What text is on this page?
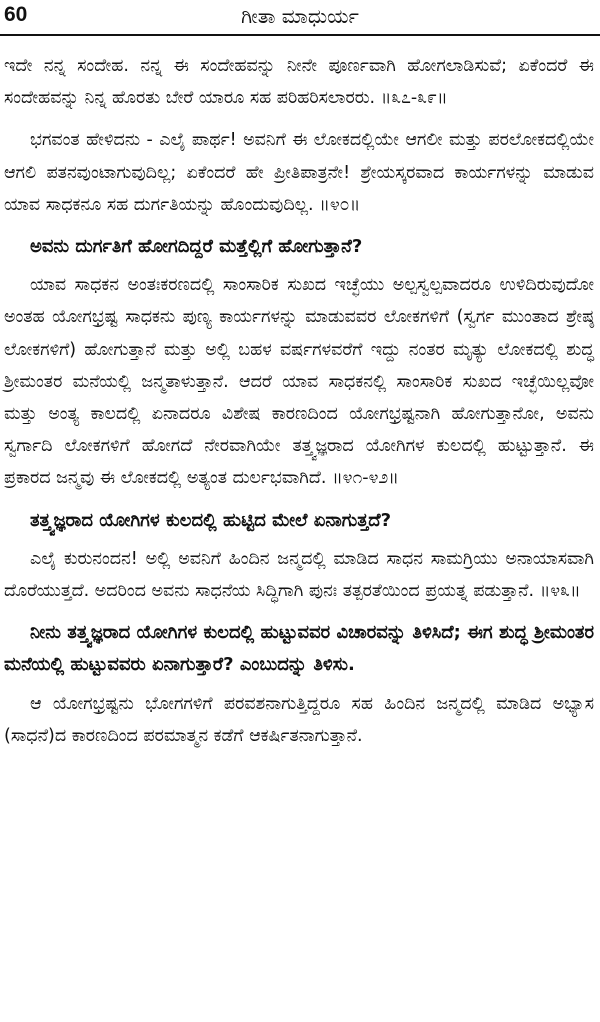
60	ಗೀತಾ ಮಾಧುರ್ಯ

ಇದೇ ನನ್ನ ಸಂದೇಹ. ನನ್ನ ಈ ಸಂದೇಹವನ್ನು ನೀನೇ ಪೂರ್ಣವಾಗಿ ಹೋಗಲಾಡಿಸುವೆ; ಏಕೆಂದರೆ ಈ ಸಂದೇಹವನ್ನು ನಿನ್ನ ಹೊರತು ಬೇರೆ ಯಾರೂ ಸಹ ಪರಿಹರಿಸಲಾರರು. ॥೩೭-೩೯॥

ಭಗವಂತ ಹೇಳಿದನು - ಎಲೈ ಪಾರ್ಥ! ಅವನಿಗೆ ಈ ಲೋಕದಲ್ಲಿಯೇ ಆಗಲೀ ಮತ್ತು ಪರಲೋಕದಲ್ಲಿಯೇ ಆಗಲಿ ಪತನವುಂಟಾಗುವುದಿಲ್ಲ; ಏಕೆಂದರೆ ಹೇ ಪ್ರೀತಿಪಾತ್ರನೇ! ಶ್ರೇಯಸ್ಕರವಾದ ಕಾರ್ಯಗಳನ್ನು ಮಾಡುವ ಯಾವ ಸಾಧಕನೂ ಸಹ ದುರ್ಗತಿಯನ್ನು ಹೊಂದುವುದಿಲ್ಲ. ॥೪೦॥

ಅವನು ದುರ್ಗತಿಗೆ ಹೋಗದಿದ್ದರೆ ಮತ್ತೆಲ್ಲಿಗೆ ಹೋಗುತ್ತಾನೆ?

ಯಾವ ಸಾಧಕನ ಅಂತಃಕರಣದಲ್ಲಿ ಸಾಂಸಾರಿಕ ಸುಖದ ಇಚ್ಛೆಯು ಅಲ್ಪಸ್ವಲ್ಪವಾದರೂ ಉಳಿದಿರುವುದೋ ಅಂತಹ ಯೋಗಭ್ರಷ್ಟ ಸಾಧಕನು ಪುಣ್ಯ ಕಾರ್ಯಗಳನ್ನು ಮಾಡುವವರ ಲೋಕಗಳಿಗೆ (ಸ್ವರ್ಗ ಮುಂತಾದ ಶ್ರೇಷ್ಠ ಲೋಕಗಳಿಗೆ) ಹೋಗುತ್ತಾನೆ ಮತ್ತು ಅಲ್ಲಿ ಬಹಳ ವರ್ಷಗಳವರೆಗೆ ಇದ್ದು ನಂತರ ಮೃತ್ಯು ಲೋಕದಲ್ಲಿ ಶುದ್ಧ ಶ್ರೀಮಂತರ ಮನೆಯಲ್ಲಿ ಜನ್ಮತಾಳುತ್ತಾನೆ. ಆದರೆ ಯಾವ ಸಾಧಕನಲ್ಲಿ ಸಾಂಸಾರಿಕ ಸುಖದ ಇಚ್ಛೆಯಿಲ್ಲವೋ ಮತ್ತು ಅಂತ್ಯ ಕಾಲದಲ್ಲಿ ಏನಾದರೂ ವಿಶೇಷ ಕಾರಣದಿಂದ ಯೋಗಭ್ರಷ್ಟನಾಗಿ ಹೋಗುತ್ತಾನೋ, ಅವನು ಸ್ವರ್ಗಾದಿ ಲೋಕಗಳಿಗೆ ಹೋಗದೆ ನೇರವಾಗಿಯೇ ತತ್ತ್ವಜ್ಞರಾದ ಯೋಗಿಗಳ ಕುಲದಲ್ಲಿ ಹುಟ್ಟುತ್ತಾನೆ. ಈ ಪ್ರಕಾರದ ಜನ್ಮವು ಈ ಲೋಕದಲ್ಲಿ ಅತ್ಯಂತ ದುರ್ಲಭವಾಗಿದೆ. ॥೪೧-೪೨॥

ತತ್ತ್ವಜ್ಞರಾದ ಯೋಗಿಗಳ ಕುಲದಲ್ಲಿ ಹುಟ್ಟಿದ ಮೇಲೆ ಏನಾಗುತ್ತದೆ?

ಎಲೈ ಕುರುನಂದನ! ಅಲ್ಲಿ ಅವನಿಗೆ ಹಿಂದಿನ ಜನ್ಮದಲ್ಲಿ ಮಾಡಿದ ಸಾಧನ ಸಾಮಗ್ರಿಯು ಅನಾಯಾಸವಾಗಿ ದೊರೆಯುತ್ತದೆ. ಅದರಿಂದ ಅವನು ಸಾಧನೆಯ ಸಿದ್ಧಿಗಾಗಿ ಪುನಃ ತತ್ಪರತೆಯಿಂದ ಪ್ರಯತ್ನ ಪಡುತ್ತಾನೆ. ॥೪೩॥

ನೀನು ತತ್ತ್ವಜ್ಞರಾದ ಯೋಗಿಗಳ ಕುಲದಲ್ಲಿ ಹುಟ್ಟುವವರ ವಿಚಾರವನ್ನು ತಿಳಿಸಿದೆ; ಈಗ ಶುದ್ಧ ಶ್ರೀಮಂತರ ಮನೆಯಲ್ಲಿ ಹುಟ್ಟುವವರು ಏನಾಗುತ್ತಾರೆ? ಎಂಬುದನ್ನು ತಿಳಿಸು.

ಆ ಯೋಗಭ್ರಷ್ಟನು ಭೋಗಗಳಿಗೆ ಪರವಶನಾಗುತ್ತಿದ್ದರೂ ಸಹ ಹಿಂದಿನ ಜನ್ಮದಲ್ಲಿ ಮಾಡಿದ ಅಭ್ಯಾಸ (ಸಾಧನೆ)ದ ಕಾರಣದಿಂದ ಪರಮಾತ್ಮನ ಕಡೆಗೆ ಆಕರ್ಷಿತನಾಗುತ್ತಾನೆ.
